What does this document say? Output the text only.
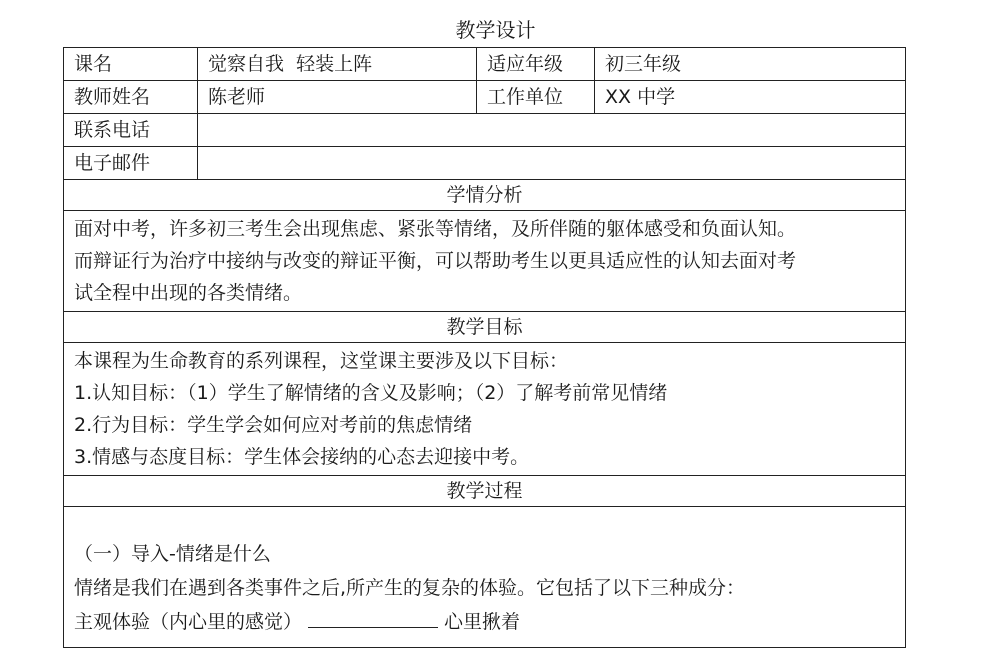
教学设计
课名	觉察自我  轻装上阵	适应年级	初三年级
教师姓名	陈老师	工作单位	XX 中学
联系电话			
电子邮件			
学情分析			

面对中考，许多初三考生会出现焦虑、紧张等情绪，及所伴随的躯体感受和负面认知。

而辩证行为治疗中接纳与改变的辩证平衡，可以帮助考生以更具适应性的认知去面对考

试全程中出现的各类情绪。			

教学目标			

本课程为生命教育的系列课程，这堂课主要涉及以下目标：

1.认知目标：（1）学生了解情绪的含义及影响；（2）了解考前常见情绪

2.行为目标：学生学会如何应对考前的焦虑情绪

3.情感与态度目标：学生体会接纳的心态去迎接中考。			

教学过程			

（一）导入-情绪是什么

情绪是我们在遇到各类事件之后,所产生的复杂的体验。它包括了以下三种成分：

主观体验（内心里的感觉） 心里揪着			
